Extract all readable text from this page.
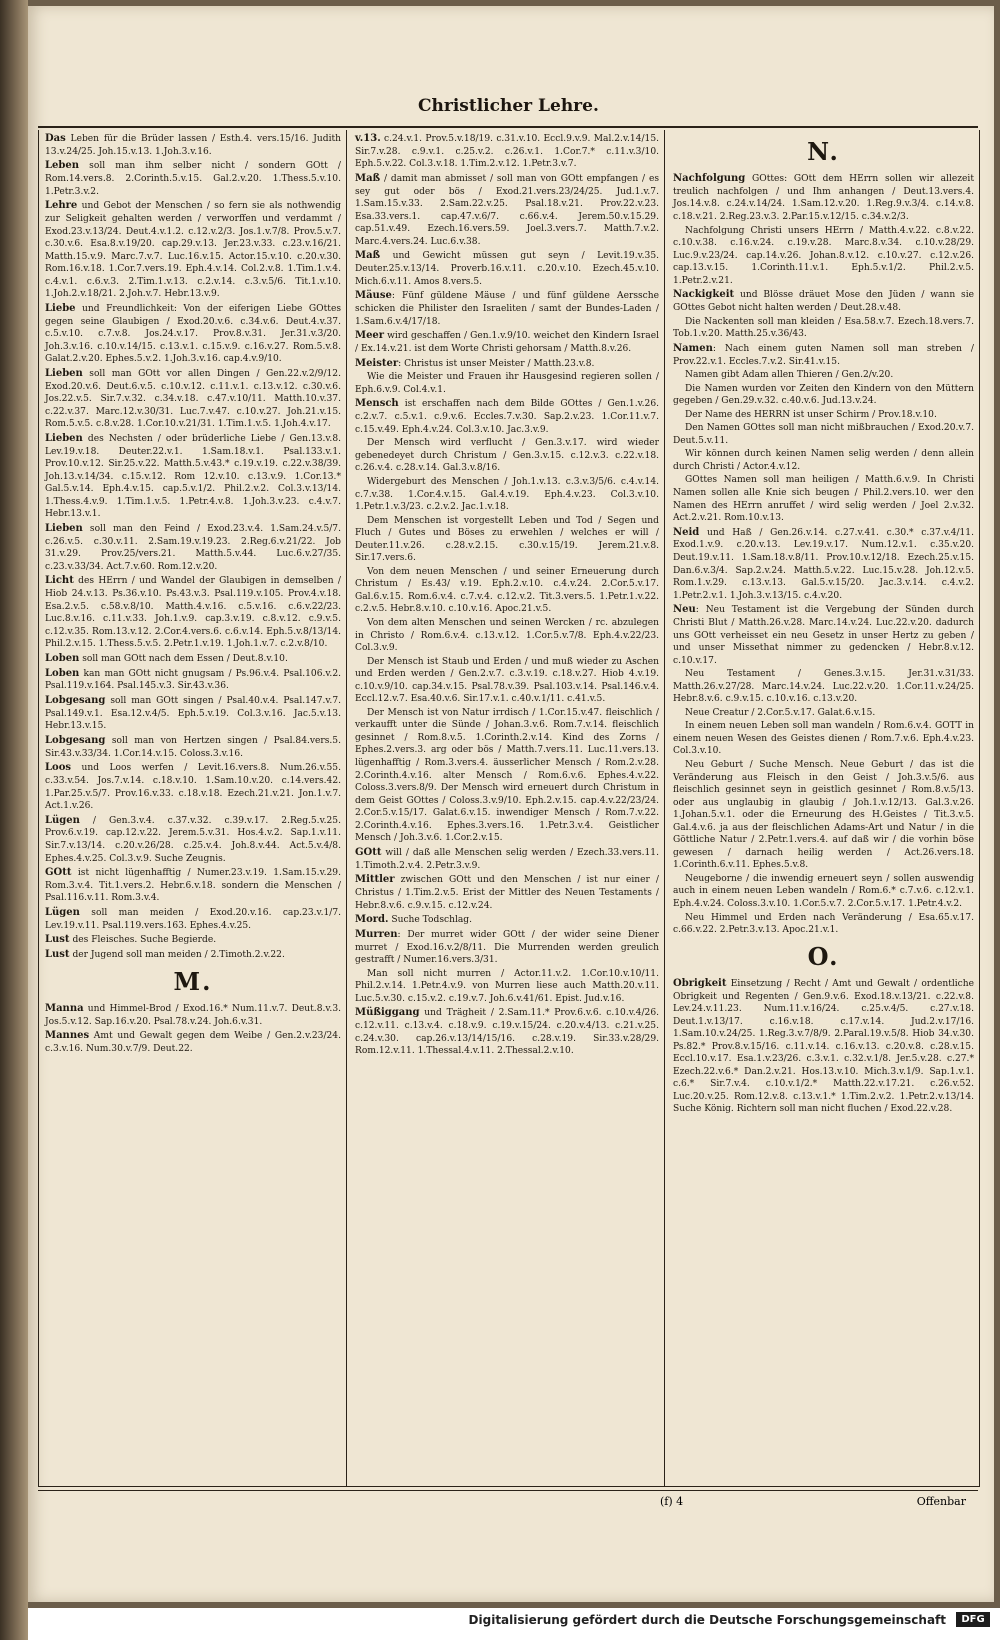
Christlicher Lehre.

Das Leben für die Brüder lassen / Esth.4. vers.15/16. Judith 13.v.24/25. Joh.15.v.13. 1.Joh.3.v.16.

Leben soll man ihm selber nicht / sondern GOtt / Rom.14.vers.8. 2.Corinth.5.v.15. Gal.2.v.20. 1.Thess.5.v.10. 1.Petr.3.v.2.

Lehre und Gebot der Menschen / so fern sie als nothwendig zur Seligkeit gehalten werden / verworffen und verdammt / Exod.23.v.13/24. Deut.4.v.1.2. c.12.v.2/3. Jos.1.v.7/8. Prov.5.v.7. c.30.v.6. Esa.8.v.19/20. cap.29.v.13. Jer.23.v.33. c.23.v.16/21. Matth.15.v.9. Marc.7.v.7. Luc.16.v.15. Actor.15.v.10. c.20.v.30. Rom.16.v.18. 1.Cor.7.vers.19. Eph.4.v.14. Col.2.v.8. 1.Tim.1.v.4. c.4.v.1. c.6.v.3. 2.Tim.1.v.13. c.2.v.14. c.3.v.5/6. Tit.1.v.10. 1.Joh.2.v.18/21. 2.Joh.v.7. Hebr.13.v.9.

Liebe und Freundlichkeit: Von der eiferigen Liebe GOttes gegen seine Glaubigen / Exod.20.v.6. c.34.v.6. Deut.4.v.37. c.5.v.10. c.7.v.8. Jos.24.v.17. Prov.8.v.31. Jer.31.v.3/20. Joh.3.v.16. c.10.v.14/15. c.13.v.1. c.15.v.9. c.16.v.27. Rom.5.v.8. Galat.2.v.20. Ephes.5.v.2. 1.Joh.3.v.16. cap.4.v.9/10.

Lieben soll man GOtt vor allen Dingen / Gen.22.v.2/9/12. Exod.20.v.6. Deut.6.v.5. c.10.v.12. c.11.v.1. c.13.v.12. c.30.v.6. Jos.22.v.5. Sir.7.v.32. c.34.v.18. c.47.v.10/11. Matth.10.v.37. c.22.v.37. Marc.12.v.30/31. Luc.7.v.47. c.10.v.27. Joh.21.v.15. Rom.5.v.5. c.8.v.28. 1.Cor.10.v.21/31. 1.Tim.1.v.5. 1.Joh.4.v.17.

Lieben des Nechsten / oder brüderliche Liebe / Gen.13.v.8. Lev.19.v.18. Deuter.22.v.1. 1.Sam.18.v.1. Psal.133.v.1. Prov.10.v.12. Sir.25.v.22. Matth.5.v.43.* c.19.v.19. c.22.v.38/39. Joh.13.v.14/34. c.15.v.12. Rom 12.v.10. c.13.v.9. 1.Cor.13.* Gal.5.v.14. Eph.4.v.15. cap.5.v.1/2. Phil.2.v.2. Col.3.v.13/14. 1.Thess.4.v.9. 1.Tim.1.v.5. 1.Petr.4.v.8. 1.Joh.3.v.23. c.4.v.7. Hebr.13.v.1.

Lieben soll man den Feind / Exod.23.v.4. 1.Sam.24.v.5/7. c.26.v.5. c.30.v.11. 2.Sam.19.v.19.23. 2.Reg.6.v.21/22. Job 31.v.29. Prov.25/vers.21. Matth.5.v.44. Luc.6.v.27/35. c.23.v.33/34. Act.7.v.60. Rom.12.v.20.

Licht des HErrn / und Wandel der Glaubigen in demselben / Hiob 24.v.13. Ps.36.v.10. Ps.43.v.3. Psal.119.v.105. Prov.4.v.18. Esa.2.v.5. c.58.v.8/10. Matth.4.v.16. c.5.v.16. c.6.v.22/23. Luc.8.v.16. c.11.v.33. Joh.1.v.9. cap.3.v.19. c.8.v.12. c.9.v.5. c.12.v.35. Rom.13.v.12. 2.Cor.4.vers.6. c.6.v.14. Eph.5.v.8/13/14. Phil.2.v.15. 1.Thess.5.v.5. 2.Petr.1.v.19. 1.Joh.1.v.7. c.2.v.8/10.

Loben soll man GOtt nach dem Essen / Deut.8.v.10.

Loben kan man GOtt nicht gnugsam / Ps.96.v.4. Psal.106.v.2. Psal.119.v.164. Psal.145.v.3. Sir.43.v.36.

Lobgesang soll man GOtt singen / Psal.40.v.4. Psal.147.v.7. Psal.149.v.1. Esa.12.v.4/5. Eph.5.v.19. Col.3.v.16. Jac.5.v.13. Hebr.13.v.15.

Lobgesang soll man von Hertzen singen / Psal.84.vers.5. Sir.43.v.33/34. 1.Cor.14.v.15. Coloss.3.v.16.

Loos und Loos werfen / Levit.16.vers.8. Num.26.v.55. c.33.v.54. Jos.7.v.14. c.18.v.10. 1.Sam.10.v.20. c.14.vers.42. 1.Par.25.v.5/7. Prov.16.v.33. c.18.v.18. Ezech.21.v.21. Jon.1.v.7. Act.1.v.26.

Lügen / Gen.3.v.4. c.37.v.32. c.39.v.17. 2.Reg.5.v.25. Prov.6.v.19. cap.12.v.22. Jerem.5.v.31. Hos.4.v.2. Sap.1.v.11. Sir.7.v.13/14. c.20.v.26/28. c.25.v.4. Joh.8.v.44. Act.5.v.4/8. Ephes.4.v.25. Col.3.v.9. Suche Zeugnis.

GOtt ist nicht lügenhafftig / Numer.23.v.19. 1.Sam.15.v.29. Rom.3.v.4. Tit.1.vers.2. Hebr.6.v.18. sondern die Menschen / Psal.116.v.11. Rom.3.v.4.

Lügen soll man meiden / Exod.20.v.16. cap.23.v.1/7. Lev.19.v.11. Psal.119.vers.163. Ephes.4.v.25.

Lust des Fleisches. Suche Begierde.

Lust der Jugend soll man meiden / 2.Timoth.2.v.22.

M.

Manna und Himmel-Brod / Exod.16.* Num.11.v.7. Deut.8.v.3. Jos.5.v.12. Sap.16.v.20. Psal.78.v.24. Joh.6.v.31.

Mannes Amt und Gewalt gegen dem Weibe / Gen.2.v.23/24. c.3.v.16. Num.30.v.7/9. Deut.22.

v.13. c.24.v.1. Prov.5.v.18/19. c.31.v.10. Eccl.9.v.9. Mal.2.v.14/15. Sir.7.v.28. c.9.v.1. c.25.v.2. c.26.v.1. 1.Cor.7.* c.11.v.3/10. Eph.5.v.22. Col.3.v.18. 1.Tim.2.v.12. 1.Petr.3.v.7.

Maß / damit man abmisset / soll man von GOtt empfangen / es sey gut oder bös / Exod.21.vers.23/24/25. Jud.1.v.7. 1.Sam.15.v.33. 2.Sam.22.v.25. Psal.18.v.21. Prov.22.v.23. Esa.33.vers.1. cap.47.v.6/7. c.66.v.4. Jerem.50.v.15.29. cap.51.v.49. Ezech.16.vers.59. Joel.3.vers.7. Matth.7.v.2. Marc.4.vers.24. Luc.6.v.38.

Maß und Gewicht müssen gut seyn / Levit.19.v.35. Deuter.25.v.13/14. Proverb.16.v.11. c.20.v.10. Ezech.45.v.10. Mich.6.v.11. Amos 8.vers.5.

Mäuse: Fünf güldene Mäuse / und fünf güldene Aerssche schicken die Philister den Israeliten / samt der Bundes-Laden / 1.Sam.6.v.4/17/18.

Meer wird geschaffen / Gen.1.v.9/10. weichet den Kindern Israel / Ex.14.v.21. ist dem Worte Christi gehorsam / Matth.8.v.26.

Meister: Christus ist unser Meister / Matth.23.v.8.

Wie die Meister und Frauen ihr Hausgesind regieren sollen / Eph.6.v.9. Col.4.v.1.

Mensch ist erschaffen nach dem Bilde GOttes / Gen.1.v.26. c.2.v.7. c.5.v.1. c.9.v.6. Eccles.7.v.30. Sap.2.v.23. 1.Cor.11.v.7. c.15.v.49. Eph.4.v.24. Col.3.v.10. Jac.3.v.9.

Der Mensch wird verflucht / Gen.3.v.17. wird wieder gebenedeyet durch Christum / Gen.3.v.15. c.12.v.3. c.22.v.18. c.26.v.4. c.28.v.14. Gal.3.v.8/16.

Widergeburt des Menschen / Joh.1.v.13. c.3.v.3/5/6. c.4.v.14. c.7.v.38. 1.Cor.4.v.15. Gal.4.v.19. Eph.4.v.23. Col.3.v.10. 1.Petr.1.v.3/23. c.2.v.2. Jac.1.v.18.

Dem Menschen ist vorgestellt Leben und Tod / Segen und Fluch / Gutes und Böses zu erwehlen / welches er will / Deuter.11.v.26. c.28.v.2.15. c.30.v.15/19. Jerem.21.v.8. Sir.17.vers.6.

Von dem neuen Menschen / und seiner Erneuerung durch Christum / Es.43/ v.19. Eph.2.v.10. c.4.v.24. 2.Cor.5.v.17. Gal.6.v.15. Rom.6.v.4. c.7.v.4. c.12.v.2. Tit.3.vers.5. 1.Petr.1.v.22. c.2.v.5. Hebr.8.v.10. c.10.v.16. Apoc.21.v.5.

Von dem alten Menschen und seinen Wercken / rc. abzulegen in Christo / Rom.6.v.4. c.13.v.12. 1.Cor.5.v.7/8. Eph.4.v.22/23. Col.3.v.9.

Der Mensch ist Staub und Erden / und muß wieder zu Aschen und Erden werden / Gen.2.v.7. c.3.v.19. c.18.v.27. Hiob 4.v.19. c.10.v.9/10. cap.34.v.15. Psal.78.v.39. Psal.103.v.14. Psal.146.v.4. Eccl.12.v.7. Esa.40.v.6. Sir.17.v.1. c.40.v.1/11. c.41.v.5.

Der Mensch ist von Natur irrdisch / 1.Cor.15.v.47. fleischlich / verkaufft unter die Sünde / Johan.3.v.6. Rom.7.v.14. fleischlich gesinnet / Rom.8.v.5. 1.Corinth.2.v.14. Kind des Zorns / Ephes.2.vers.3. arg oder bös / Matth.7.vers.11. Luc.11.vers.13. lügenhafftig / Rom.3.vers.4. äusserlicher Mensch / Rom.2.v.28. 2.Corinth.4.v.16. alter Mensch / Rom.6.v.6. Ephes.4.v.22. Coloss.3.vers.8/9. Der Mensch wird erneuert durch Christum in dem Geist GOttes / Coloss.3.v.9/10. Eph.2.v.15. cap.4.v.22/23/24. 2.Cor.5.v.15/17. Galat.6.v.15. inwendiger Mensch / Rom.7.v.22. 2.Corinth.4.v.16. Ephes.3.vers.16. 1.Petr.3.v.4. Geistlicher Mensch / Joh.3.v.6. 1.Cor.2.v.15.

GOtt will / daß alle Menschen selig werden / Ezech.33.vers.11. 1.Timoth.2.v.4. 2.Petr.3.v.9.

Mittler zwischen GOtt und den Menschen / ist nur einer / Christus / 1.Tim.2.v.5. Erist der Mittler des Neuen Testaments / Hebr.8.v.6. c.9.v.15. c.12.v.24.

Mord. Suche Todschlag.

Murren: Der murret wider GOtt / der wider seine Diener murret / Exod.16.v.2/8/11. Die Murrenden werden greulich gestrafft / Numer.16.vers.3/31.

Man soll nicht murren / Actor.11.v.2. 1.Cor.10.v.10/11. Phil.2.v.14. 1.Petr.4.v.9. von Murren liese auch Matth.20.v.11. Luc.5.v.30. c.15.v.2. c.19.v.7. Joh.6.v.41/61. Epist. Jud.v.16.

Müßiggang und Trägheit / 2.Sam.11.* Prov.6.v.6. c.10.v.4/26. c.12.v.11. c.13.v.4. c.18.v.9. c.19.v.15/24. c.20.v.4/13. c.21.v.25. c.24.v.30. cap.26.v.13/14/15/16. c.28.v.19. Sir.33.v.28/29. Rom.12.v.11. 1.Thessal.4.v.11. 2.Thessal.2.v.10.

N.

Nachfolgung GOttes: GOtt dem HErrn sollen wir allezeit treulich nachfolgen / und Ihm anhangen / Deut.13.vers.4. Jos.14.v.8. c.24.v.14/24. 1.Sam.12.v.20. 1.Reg.9.v.3/4. c.14.v.8. c.18.v.21. 2.Reg.23.v.3. 2.Par.15.v.12/15. c.34.v.2/3.

Nachfolgung Christi unsers HErrn / Matth.4.v.22. c.8.v.22. c.10.v.38. c.16.v.24. c.19.v.28. Marc.8.v.34. c.10.v.28/29. Luc.9.v.23/24. cap.14.v.26. Johan.8.v.12. c.10.v.27. c.12.v.26. cap.13.v.15. 1.Corinth.11.v.1. Eph.5.v.1/2. Phil.2.v.5. 1.Petr.2.v.21.

Nackigkeit und Blösse dräuet Mose den Jüden / wann sie GOttes Gebot nicht halten werden / Deut.28.v.48.

Die Nackenten soll man kleiden / Esa.58.v.7. Ezech.18.vers.7. Tob.1.v.20. Matth.25.v.36/43.

Namen: Nach einem guten Namen soll man streben / Prov.22.v.1. Eccles.7.v.2. Sir.41.v.15.

Namen gibt Adam allen Thieren / Gen.2/v.20.

Die Namen wurden vor Zeiten den Kindern von den Müttern gegeben / Gen.29.v.32. c.40.v.6. Jud.13.v.24.

Der Name des HERRN ist unser Schirm / Prov.18.v.10.

Den Namen GOttes soll man nicht mißbrauchen / Exod.20.v.7. Deut.5.v.11.

Wir können durch keinen Namen selig werden / denn allein durch Christi / Actor.4.v.12.

GOttes Namen soll man heiligen / Matth.6.v.9. In Christi Namen sollen alle Knie sich beugen / Phil.2.vers.10. wer den Namen des HErrn anruffet / wird selig werden / Joel 2.v.32. Act.2.v.21. Rom.10.v.13.

Neid und Haß / Gen.26.v.14. c.27.v.41. c.30.* c.37.v.4/11. Exod.1.v.9. c.20.v.13. Lev.19.v.17. Num.12.v.1. c.35.v.20. Deut.19.v.11. 1.Sam.18.v.8/11. Prov.10.v.12/18. Ezech.25.v.15. Dan.6.v.3/4. Sap.2.v.24. Matth.5.v.22. Luc.15.v.28. Joh.12.v.5. Rom.1.v.29. c.13.v.13. Gal.5.v.15/20. Jac.3.v.14. c.4.v.2. 1.Petr.2.v.1. 1.Joh.3.v.13/15. c.4.v.20.

Neu: Neu Testament ist die Vergebung der Sünden durch Christi Blut / Matth.26.v.28. Marc.14.v.24. Luc.22.v.20. dadurch uns GOtt verheisset ein neu Gesetz in unser Hertz zu geben / und unser Missethat nimmer zu gedencken / Hebr.8.v.12. c.10.v.17.

Neu Testament / Genes.3.v.15. Jer.31.v.31/33. Matth.26.v.27/28. Marc.14.v.24. Luc.22.v.20. 1.Cor.11.v.24/25. Hebr.8.v.6. c.9.v.15. c.10.v.16. c.13.v.20.

Neue Creatur / 2.Cor.5.v.17. Galat.6.v.15.

In einem neuen Leben soll man wandeln / Rom.6.v.4. GOTT in einem neuen Wesen des Geistes dienen / Rom.7.v.6. Eph.4.v.23. Col.3.v.10.

Neu Geburt / Suche Mensch. Neue Geburt / das ist die Veränderung aus Fleisch in den Geist / Joh.3.v.5/6. aus fleischlich gesinnet seyn in geistlich gesinnet / Rom.8.v.5/13. oder aus unglaubig in glaubig / Joh.1.v.12/13. Gal.3.v.26. 1.Johan.5.v.1. oder die Erneurung des H.Geistes / Tit.3.v.5. Gal.4.v.6. ja aus der fleischlichen Adams-Art und Natur / in die Göttliche Natur / 2.Petr.1.vers.4. auf daß wir / die vorhin böse gewesen / darnach heilig werden / Act.26.vers.18. 1.Corinth.6.v.11. Ephes.5.v.8.

Neugeborne / die inwendig erneuert seyn / sollen auswendig auch in einem neuen Leben wandeln / Rom.6.* c.7.v.6. c.12.v.1. Eph.4.v.24. Coloss.3.v.10. 1.Cor.5.v.7. 2.Cor.5.v.17. 1.Petr.4.v.2.

Neu Himmel und Erden nach Veränderung / Esa.65.v.17. c.66.v.22. 2.Petr.3.v.13. Apoc.21.v.1.

O.

Obrigkeit Einsetzung / Recht / Amt und Gewalt / ordentliche Obrigkeit und Regenten / Gen.9.v.6. Exod.18.v.13/21. c.22.v.8. Lev.24.v.11.23. Num.11.v.16/24. c.25.v.4/5. c.27.v.18. Deut.1.v.13/17. c.16.v.18. c.17.v.14. Jud.2.v.17/16. 1.Sam.10.v.24/25. 1.Reg.3.v.7/8/9. 2.Paral.19.v.5/8. Hiob 34.v.30. Ps.82.* Prov.8.v.15/16. c.11.v.14. c.16.v.13. c.20.v.8. c.28.v.15. Eccl.10.v.17. Esa.1.v.23/26. c.3.v.1. c.32.v.1/8. Jer.5.v.28. c.27.* Ezech.22.v.6.* Dan.2.v.21. Hos.13.v.10. Mich.3.v.1/9. Sap.1.v.1. c.6.* Sir.7.v.4. c.10.v.1/2.* Matth.22.v.17.21. c.26.v.52. Luc.20.v.25. Rom.12.v.8. c.13.v.1.* 1.Tim.2.v.2. 1.Petr.2.v.13/14. Suche König. Richtern soll man nicht fluchen / Exod.22.v.28.

(f) 4	Offenbar
Digitalisierung gefördert durch die Deutsche Forschungsgemeinschaft	DFG
